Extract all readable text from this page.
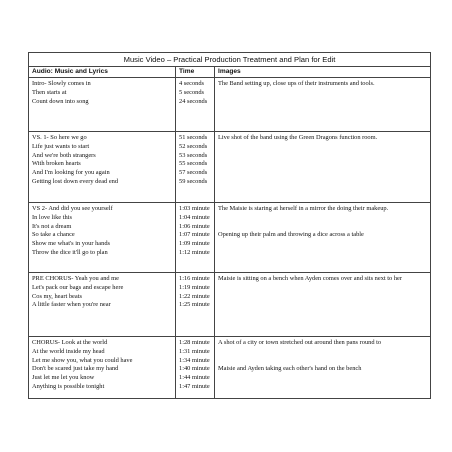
Music Video – Practical Production Treatment and Plan for Edit
Audio: Music and Lyrics	Time	Images
Intro- Slowly comes in
Then starts at
Count down into song
4 seconds
5 seconds
24 seconds
The Band setting up, close ups of their instruments and tools.
VS. 1- So here we go
Life just wants to start
And we're both strangers
With broken hearts
And I'm looking for you again
Getting lost down every dead end
51 seconds
52 seconds
53 seconds
55 seconds
57 seconds
59 seconds
Live shot of the band using the Green Dragons function room.
VS 2- And did you see yourself
In love like this
It's not a dream
So take a chance
Show me what's in your hands
Throw the dice it'll go to plan
1:03 minute
1:04 minute
1:06 minute
1:07 minute
1:09 minute
1:12 minute
The Maisie is staring at herself in a mirror the doing their makeup.
Opening up their palm and throwing a dice across a table
PRE CHORUS- Yeah you and me
Let's pack our bags and escape here
Cos my, heart beats
A little faster when you're near
1:16 minute
1:19 minute
1:22 minute
1:25 minute
Maisie is sitting on a bench when Ayden comes over and sits next to her
CHORUS- Look at the world
At the world inside my head
Let me show you, what you could have
Don't be scared just take my hand
Just let me let you know
Anything is possible tonight
1:28 minute
1:31 minute
1:34 minute
1:40 minute
1:44 minute
1:47 minute
A shot of a city or town stretched out around then pans round to
Maisie and Ayden taking each other's hand on the bench
